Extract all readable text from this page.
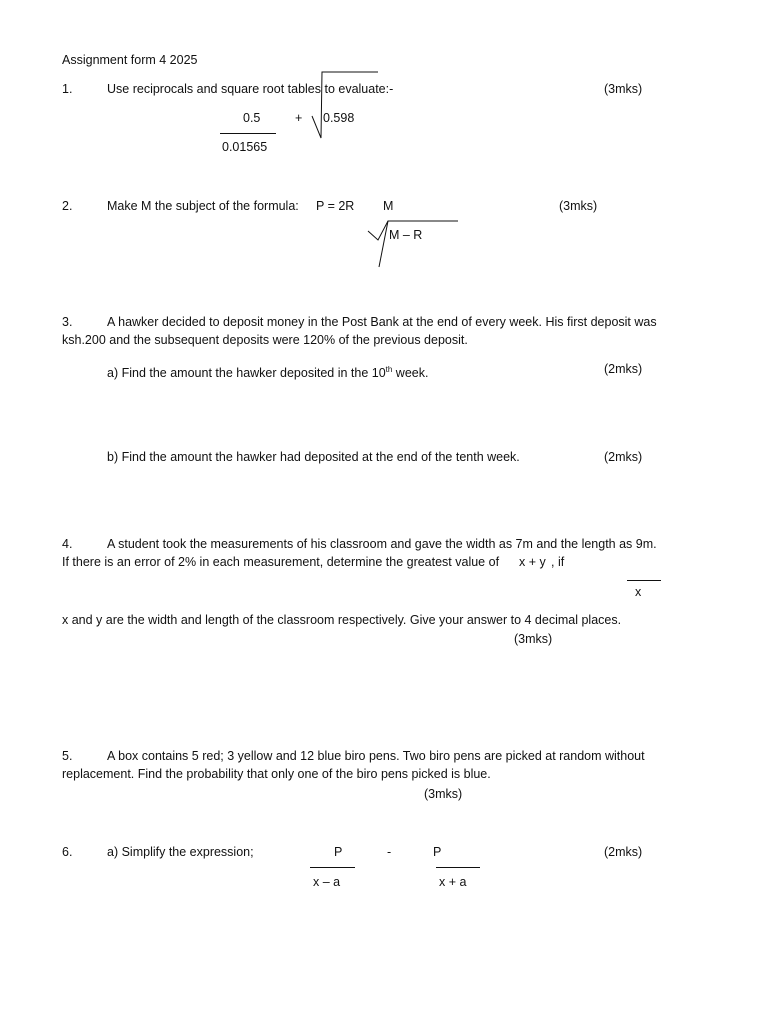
Assignment form 4 2025
1.	Use reciprocals and square root tables to evaluate:-	(3mks)
0.5
0.01565
+ 0.598
2.	Make M the subject of the formula: P = 2R M
M – R
(3mks)
3.	A hawker decided to deposit money in the Post Bank at the end of every week. His first deposit was
ksh.200 and the subsequent deposits were 120% of the previous deposit.
a) Find the amount the hawker deposited in the 10th week.	(2mks)
b) Find the amount the hawker had deposited at the end of the tenth week.	(2mks)
4.	A student took the measurements of his classroom and gave the width as 7m and the length as 9m.
If there is an error of 2% in each measurement, determine the greatest value of x + y , if
x
x and y are the width and length of the classroom respectively. Give your answer to 4 decimal places.
(3mks)
5.	A box contains 5 red; 3 yellow and 12 blue biro pens. Two biro pens are picked at random without
replacement. Find the probability that only one of the biro pens picked is blue.
(3mks)
6.	a) Simplify the expression;	P
x – a
-	P
x + a
(2mks)
